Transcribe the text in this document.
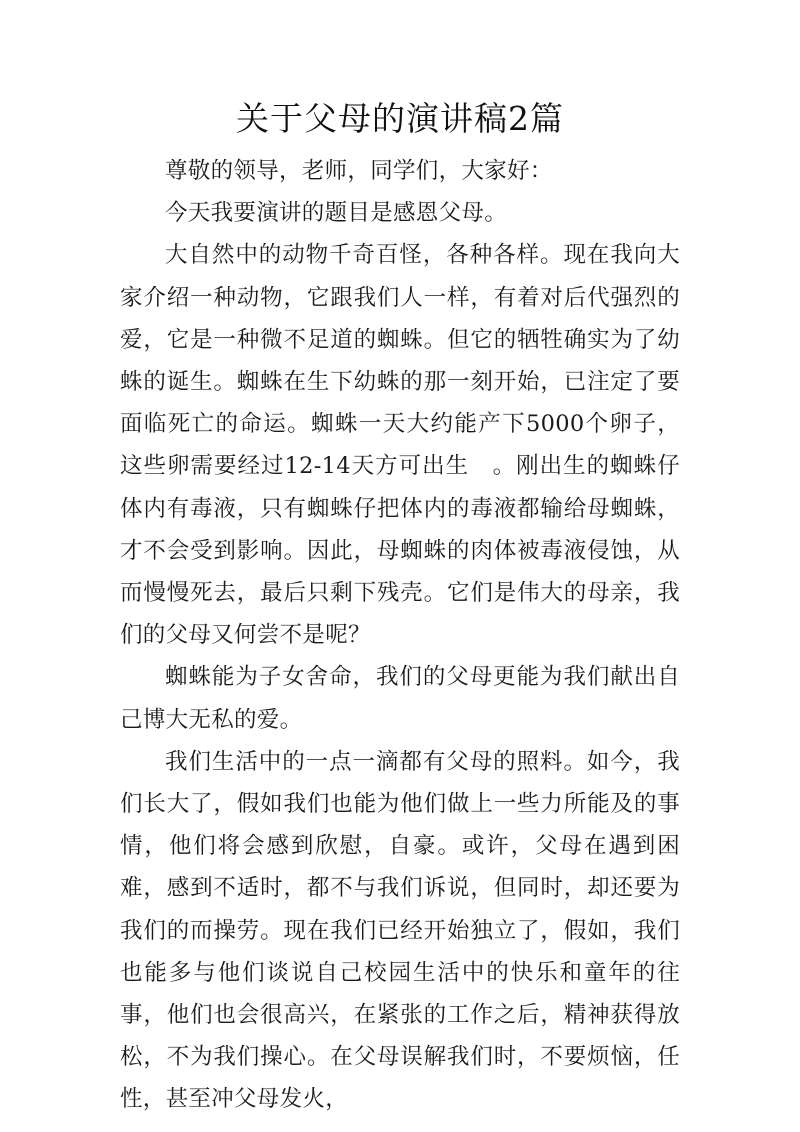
关于父母的演讲稿2篇

尊敬的领导，老师，同学们，大家好：

今天我要演讲的题目是感恩父母。

大自然中的动物千奇百怪，各种各样。现在我向大家介绍一种动物，它跟我们人一样，有着对后代强烈的爱，它是一种微不足道的蜘蛛。但它的牺牲确实为了幼蛛的诞生。蜘蛛在生下幼蛛的那一刻开始，已注定了要面临死亡的命运。蜘蛛一天大约能产下5000个卵子，这些卵需要经过12-14天方可出生　。刚出生的蜘蛛仔体内有毒液，只有蜘蛛仔把体内的毒液都输给母蜘蛛，才不会受到影响。因此，母蜘蛛的肉体被毒液侵蚀，从而慢慢死去，最后只剩下残壳。它们是伟大的母亲，我们的父母又何尝不是呢？

蜘蛛能为子女舍命，我们的父母更能为我们献出自己博大无私的爱。

我们生活中的一点一滴都有父母的照料。如今，我们长大了，假如我们也能为他们做上一些力所能及的事情，他们将会感到欣慰，自豪。或许，父母在遇到困难，感到不适时，都不与我们诉说，但同时，却还要为我们的而操劳。现在我们已经开始独立了，假如，我们也能多与他们谈说自己校园生活中的快乐和童年的往事，他们也会很高兴，在紧张的工作之后，精神获得放松，不为我们操心。在父母误解我们时，不要烦恼，任性，甚至冲父母发火，
